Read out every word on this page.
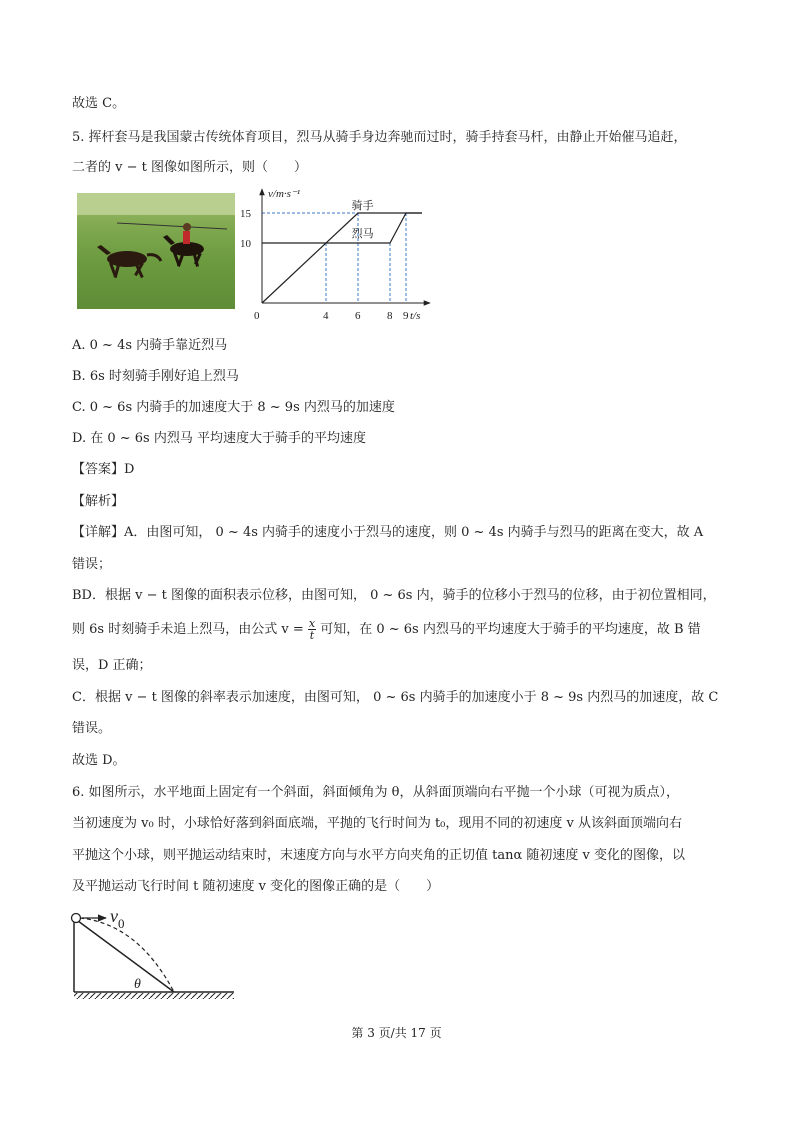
故选 C。
5. 挥杆套马是我国蒙古传统体育项目，烈马从骑手身边奔驰而过时，骑手持套马杆，由静止开始催马追赶，
二者的 v − t 图像如图所示，则（　　）
骑手
烈马
v/m·s⁻¹
t/s
0	4 6 8 9
10
15
A. 0 ~ 4s 内骑手靠近烈马
B. 6s 时刻骑手刚好追上烈马
C. 0 ~ 6s 内骑手的加速度大于 8 ~ 9s 内烈马的加速度
D. 在 0 ~ 6s 内烈马 平均速度大于骑手的平均速度
【答案】D
【解析】
【详解】A．由图可知， 0 ~ 4s 内骑手的速度小于烈马的速度，则 0 ~ 4s 内骑手与烈马的距离在变大，故 A
错误；
BD．根据 v − t 图像的面积表示位移，由图可知， 0 ~ 6s 内，骑手的位移小于烈马的位移，由于初位置相同，
则 6s 时刻骑手未追上烈马，由公式 $v = \frac{x}{t}$ 可知，在 0 ~ 6s 内烈马的平均速度大于骑手的平均速度，故 B 错
误，D 正确；
C．根据 v − t 图像的斜率表示加速度，由图可知， 0 ~ 6s 内骑手的加速度小于 8 ~ 9s 内烈马的加速度，故 C
错误。
故选 D。
6. 如图所示，水平地面上固定有一个斜面，斜面倾角为 θ，从斜面顶端向右平抛一个小球（可视为质点），
当初速度为 v₀ 时，小球恰好落到斜面底端，平抛的飞行时间为 t₀，现用不同的初速度 v 从该斜面顶端向右
平抛这个小球，则平抛运动结束时，末速度方向与水平方向夹角的正切值 tanα 随初速度 v 变化的图像，以
及平抛运动飞行时间 t 随初速度 v 变化的图像正确的是（　　）
$v_0$
θ
第 3 页/共 17 页
